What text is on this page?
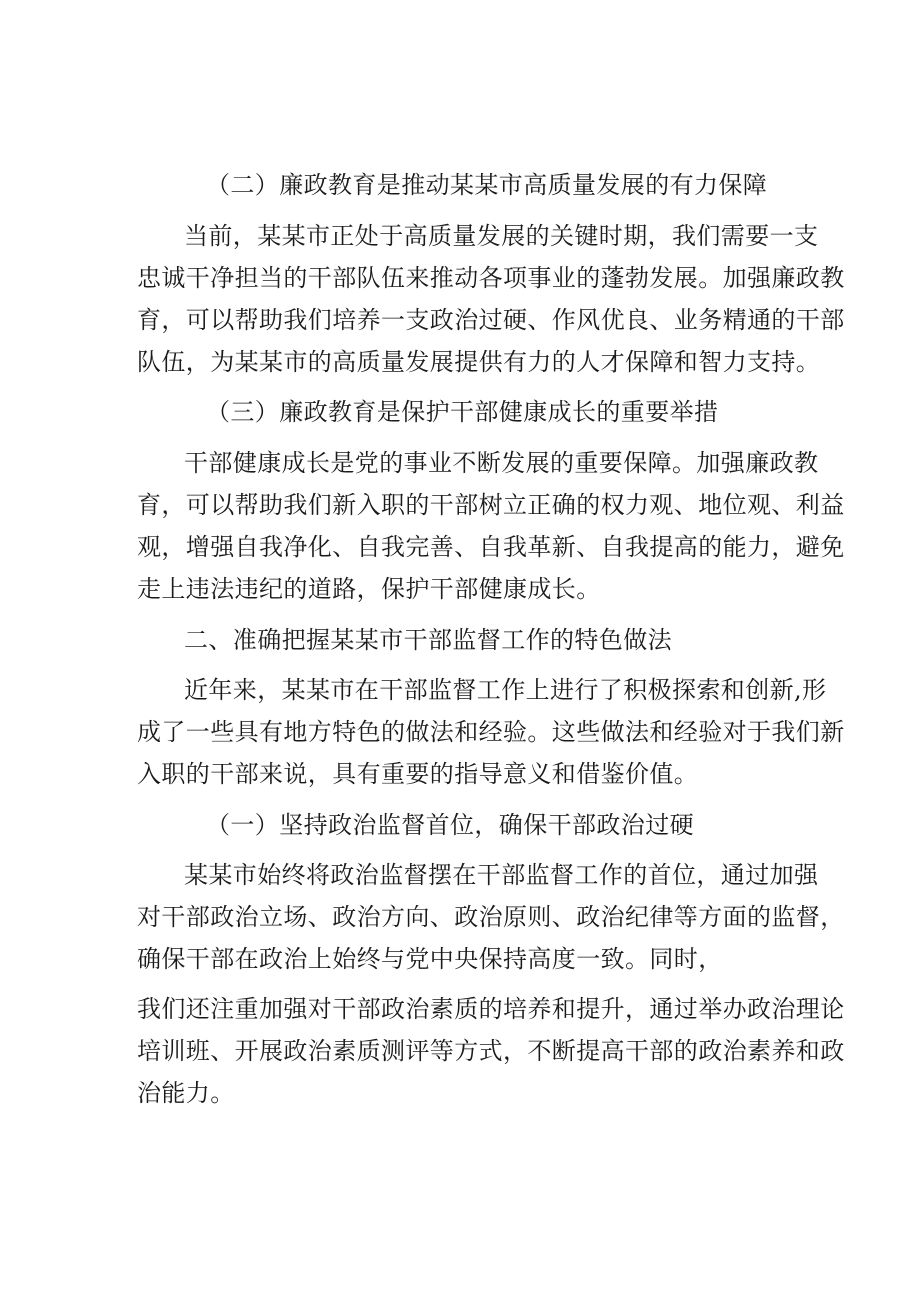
（二）廉政教育是推动某某市高质量发展的有力保障
当前，某某市正处于高质量发展的关键时期，我们需要一支
忠诚干净担当的干部队伍来推动各项事业的蓬勃发展。加强廉政教
育，可以帮助我们培养一支政治过硬、作风优良、业务精通的干部
队伍，为某某市的高质量发展提供有力的人才保障和智力支持。
（三）廉政教育是保护干部健康成长的重要举措
干部健康成长是党的事业不断发展的重要保障。加强廉政教
育，可以帮助我们新入职的干部树立正确的权力观、地位观、利益
观，增强自我净化、自我完善、自我革新、自我提高的能力，避免
走上违法违纪的道路，保护干部健康成长。
二、准确把握某某市干部监督工作的特色做法
近年来，某某市在干部监督工作上进行了积极探索和创新,形
成了一些具有地方特色的做法和经验。这些做法和经验对于我们新
入职的干部来说，具有重要的指导意义和借鉴价值。
（一）坚持政治监督首位，确保干部政治过硬
某某市始终将政治监督摆在干部监督工作的首位，通过加强
对干部政治立场、政治方向、政治原则、政治纪律等方面的监督，
确保干部在政治上始终与党中央保持高度一致。同时，
我们还注重加强对干部政治素质的培养和提升，通过举办政治理论
培训班、开展政治素质测评等方式，不断提高干部的政治素养和政
治能力。
